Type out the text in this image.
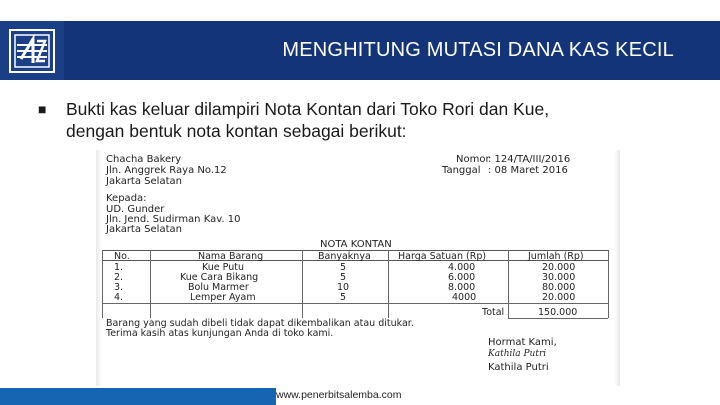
MENGHITUNG MUTASI DANA KAS KECIL
■ Bukti kas keluar dilampiri Nota Kontan dari Toko Rori dan Kue,
dengan bentuk nota kontan sebagai berikut:
Chacha Bakery
Jln. Anggrek Raya No.12
Jakarta Selatan
Nomor
: 124/TA/III/2016
Tanggal : 08 Maret 2016
Kepada:
UD. Gunder
Jln. Jend. Sudirman Kav. 10
Jakarta Selatan
NOTA KONTAN
No.	Nama Barang	Banyaknya	Harga Satuan (Rp)	Jumlah (Rp)
1.	Kue Putu	5	4.000	20.000
2.	Kue Cara Bikang	5	6.000	30.000
3.	Bolu Marmer	10	8.000	80.000
4.	Lemper Ayam	5	4000	20.000
Total	150.000
Barang yang sudah dibeli tidak dapat dikembalikan atau ditukar.
Terima kasih atas kunjungan Anda di toko kami.
Hormat Kami,
Kathila Putri
Kathila Putri
www.penerbitsalemba.com
